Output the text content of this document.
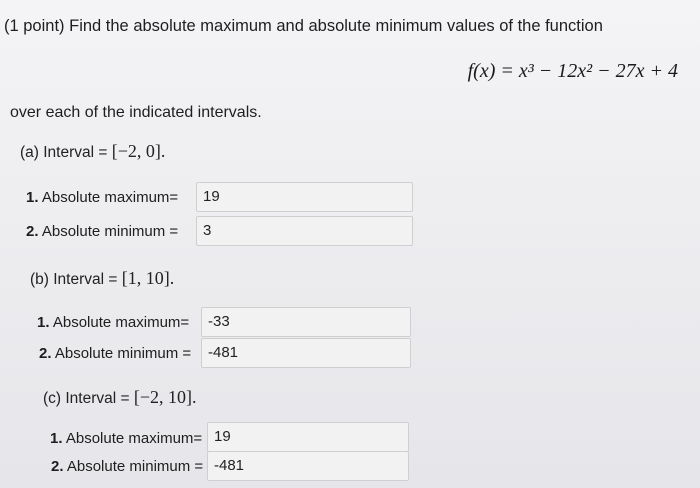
(1 point) Find the absolute maximum and absolute minimum values of the function
f(x) = x³ − 12x² − 27x + 4
over each of the indicated intervals.
(a) Interval = [−2, 0].
1. Absolute maximum=	19
2. Absolute minimum =	3
(b) Interval = [1, 10].
1. Absolute maximum=	-33
2. Absolute minimum =	-481
(c) Interval = [−2, 10].
1. Absolute maximum= 19
2. Absolute minimum = -481
